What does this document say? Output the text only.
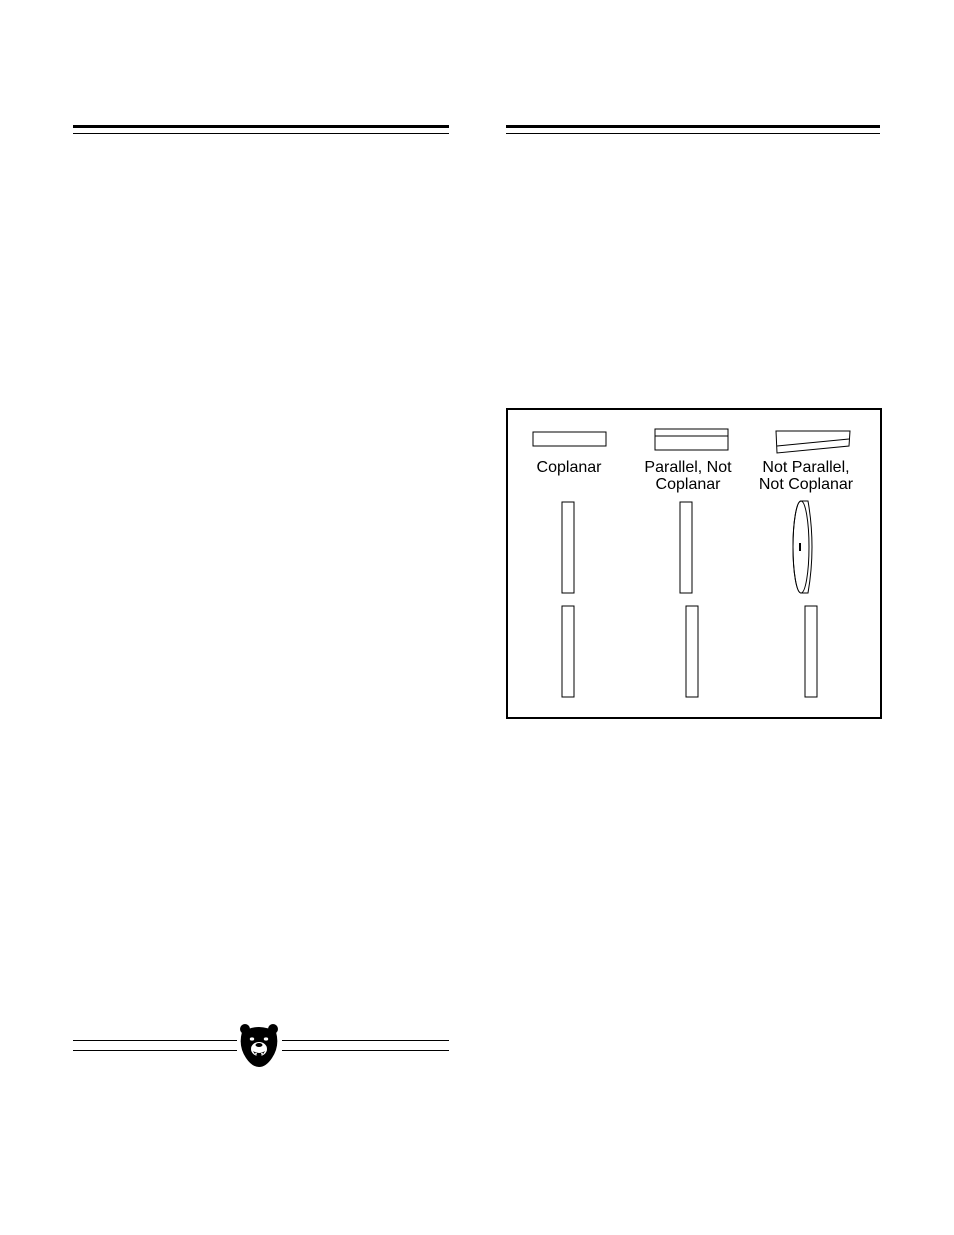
Coplanar	Parallel, Not
Coplanar
Not Parallel,
Not Coplanar
